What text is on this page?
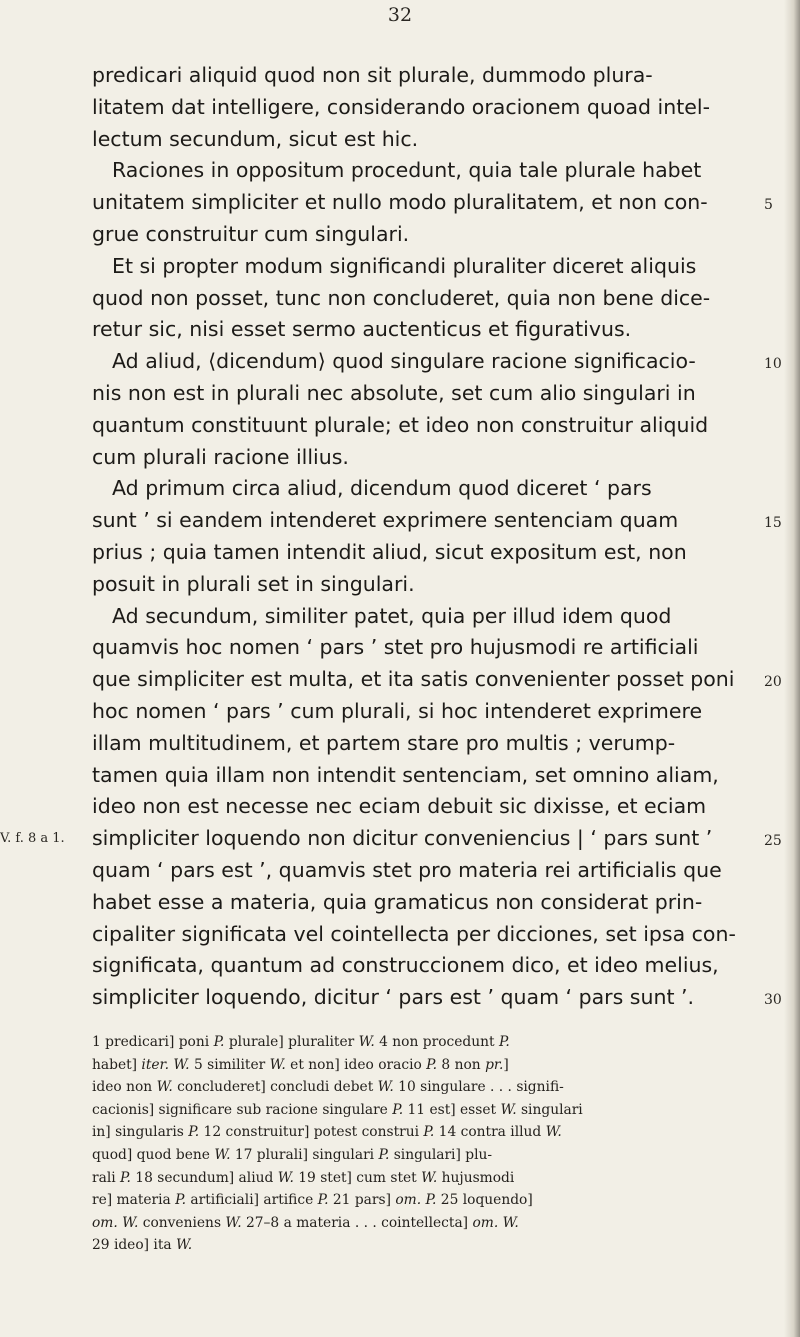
32
predicari aliquid quod non sit plurale, dummodo plura-
litatem dat intelligere, considerando oracionem quoad intel-
lectum secundum, sicut est hic.
Raciones in oppositum procedunt, quia tale plurale habet
unitatem simpliciter et nullo modo pluralitatem, et non con-	5
grue construitur cum singulari.
Et si propter modum significandi pluraliter diceret aliquis
quod non posset, tunc non concluderet, quia non bene dice-
retur sic, nisi esset sermo auctenticus et figurativus.
Ad aliud, ⟨dicendum⟩ quod singulare racione significacio-	10
nis non est in plurali nec absolute, set cum alio singulari in
quantum constituunt plurale; et ideo non construitur aliquid
cum plurali racione illius.
Ad primum circa aliud, dicendum quod diceret ‘ pars
sunt ’ si eandem intenderet exprimere sentenciam quam	15
prius ; quia tamen intendit aliud, sicut expositum est, non
posuit in plurali set in singulari.
Ad secundum, similiter patet, quia per illud idem quod
quamvis hoc nomen ‘ pars ’ stet pro hujusmodi re artificiali
que simpliciter est multa, et ita satis convenienter posset poni 20
hoc nomen ‘ pars ’ cum plurali, si hoc intenderet exprimere
illam multitudinem, et partem stare pro multis ; verump-
tamen quia illam non intendit sentenciam, set omnino aliam,
ideo non est necesse nec eciam debuit sic dixisse, et eciam
V. f. 8 a 1. simpliciter loquendo non dicitur conveniencius | ‘ pars sunt ’	25
quam ‘ pars est ’, quamvis stet pro materia rei artificialis que
habet esse a materia, quia gramaticus non considerat prin-
cipaliter significata vel cointellecta per dicciones, set ipsa con-
significata, quantum ad construccionem dico, et ideo melius,
simpliciter loquendo, dicitur ‘ pars est ’ quam ‘ pars sunt ’.	30
1 predicari] poni P. plurale] pluraliter W. 4 non procedunt P.
habet] iter. W. 5 similiter W. et non] ideo oracio P. 8 non pr.]
ideo non W. concluderet] concludi debet W. 10 singulare . . . signifi-
cacionis] significare sub racione singulare P. 11 est] esset W. singulari
in] singularis P. 12 construitur] potest construi P. 14 contra illud W.
quod] quod bene W. 17 plurali] singulari P. singulari] plu-
rali P. 18 secundum] aliud W. 19 stet] cum stet W. hujusmodi
re] materia P. artificiali] artifice P. 21 pars] om. P. 25 loquendo]
om. W. conveniens W. 27–8 a materia . . . cointellecta] om. W.
29 ideo] ita W.
